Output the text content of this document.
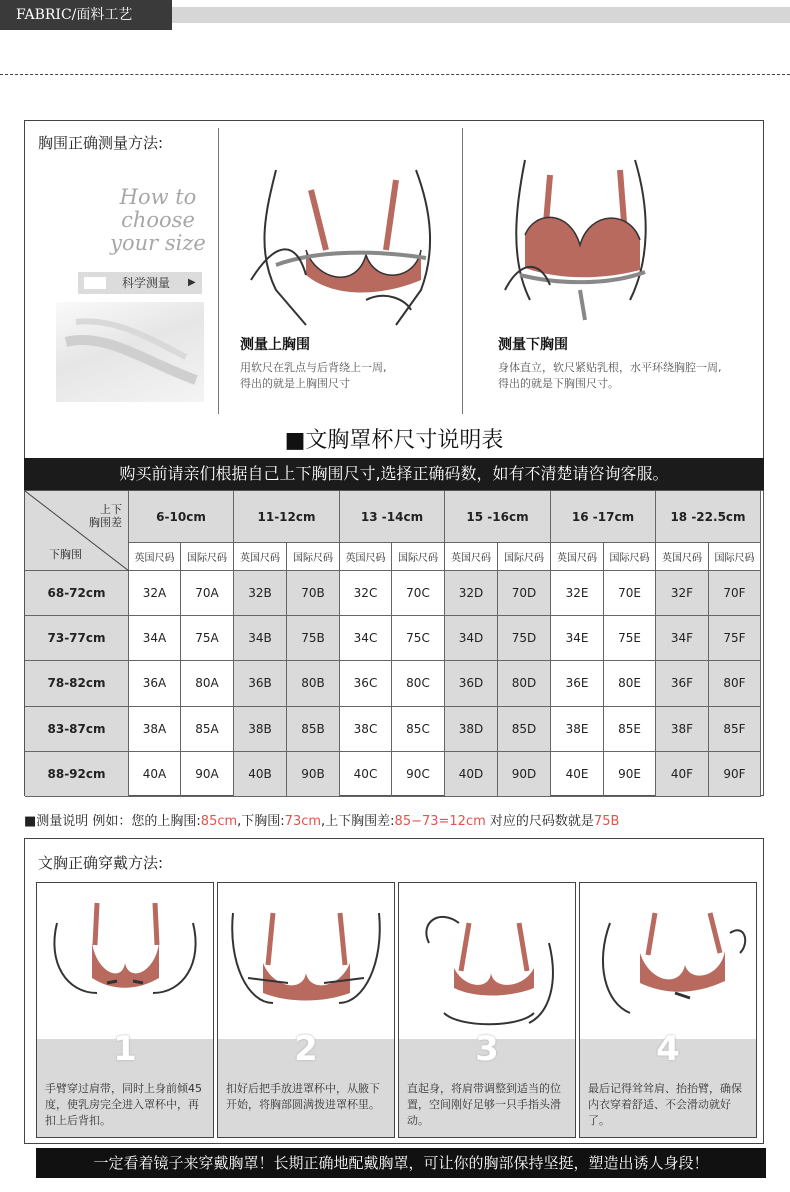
FABRIC/面料工艺
胸围正确测量方法:
How to
choose
your size
科学测量 ▶
测量上胸围
用软尺在乳点与后背绕上一周,
得出的就是上胸围尺寸
测量下胸围
身体直立，软尺紧贴乳根，水平环绕胸腔一周,
得出的就是下胸围尺寸。
■文胸罩杯尺寸说明表
购买前请亲们根据自己上下胸围尺寸,选择正确码数，如有不清楚请咨询客服。
上下
胸围差
下胸围
6-10cm	11-12cm	13 -14cm	15 -16cm	16 -17cm	18 -22.5cm
英国尺码	国际尺码	英国尺码	国际尺码	英国尺码	国际尺码	英国尺码	国际尺码	英国尺码	国际尺码	英国尺码	国际尺码
68-72cm	32A	70A	32B	70B	32C	70C	32D	70D	32E	70E	32F	70F
73-77cm	34A	75A	34B	75B	34C	75C	34D	75D	34E	75E	34F	75F
78-82cm	36A	80A	36B	80B	36C	80C	36D	80D	36E	80E	36F	80F
83-87cm	38A	85A	38B	85B	38C	85C	38D	85D	38E	85E	38F	85F
88-92cm	40A	90A	40B	90B	40C	90C	40D	90D	40E	90E	40F	90F
■测量说明 例如：您的上胸围:85cm,下胸围:73cm,上下胸围差:85−73=12cm 对应的尺码数就是75B
文胸正确穿戴方法:
1
手臂穿过肩带，同时上身前倾45度，使乳房完全进入罩杯中，再扣上后背扣。
2
扣好后把手放进罩杯中，从腋下开始，将胸部圆满拨进罩杯里。
3
直起身，将肩带调整到适当的位置，空间刚好足够一只手指头滑动。
4
最后记得耸耸肩、抬抬臂，确保内衣穿着舒适、不会滑动就好了。
一定看着镜子来穿戴胸罩！长期正确地配戴胸罩，可让你的胸部保持坚挺，塑造出诱人身段！
